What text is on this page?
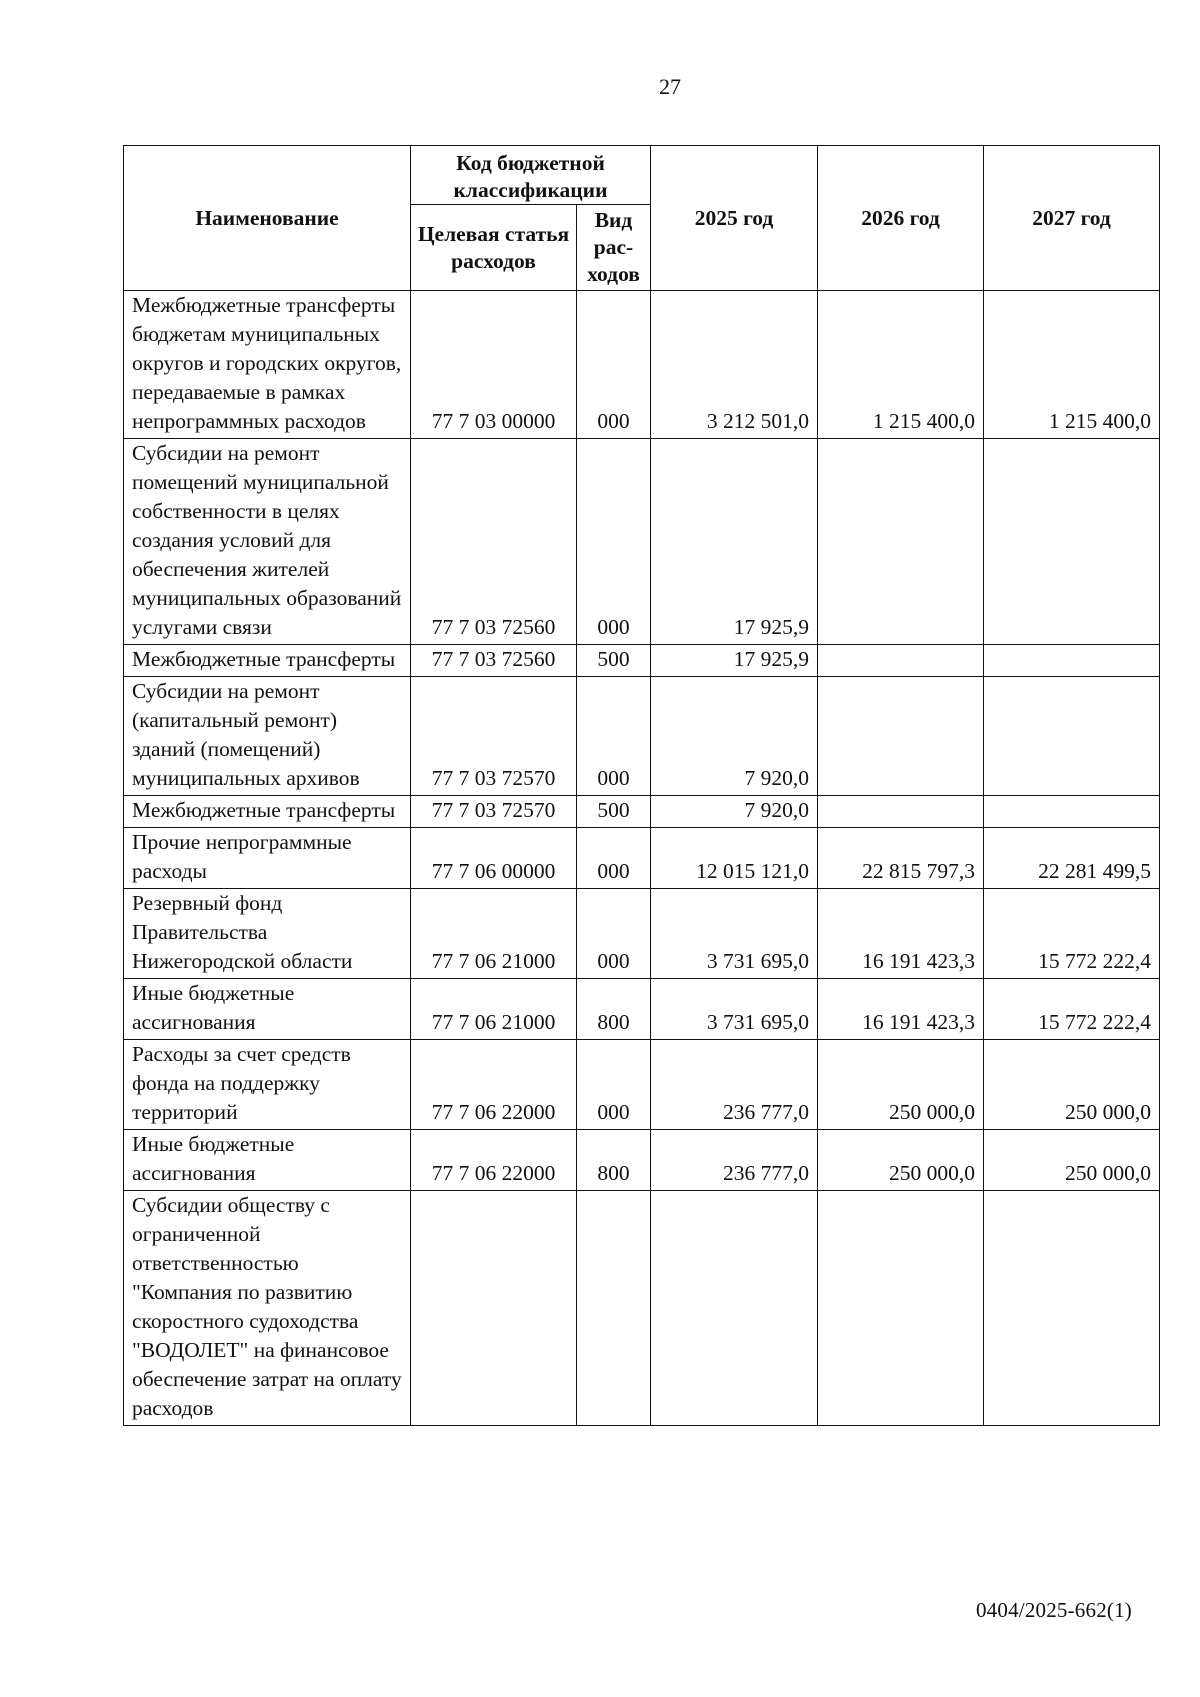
27
Наименование	Код бюджетной классификации		2025 год	2026 год	2027 год
	Целевая статья расходов	Вид рас-ходов			
Межбюджетные трансферты бюджетам муниципальных округов и городских округов, передаваемые в рамках непрограммных расходов	77 7 03 00000	000	3 212 501,0	1 215 400,0	1 215 400,0
Субсидии на ремонт помещений муниципальной собственности в целях создания условий для обеспечения жителей муниципальных образований услугами связи	77 7 03 72560	000	17 925,9		
Межбюджетные трансферты	77 7 03 72560	500	17 925,9		
Субсидии на ремонт (капитальный ремонт) зданий (помещений) муниципальных архивов	77 7 03 72570	000	7 920,0		
Межбюджетные трансферты	77 7 03 72570	500	7 920,0		
Прочие непрограммные расходы	77 7 06 00000	000	12 015 121,0	22 815 797,3	22 281 499,5
Резервный фонд Правительства Нижегородской области	77 7 06 21000	000	3 731 695,0	16 191 423,3	15 772 222,4
Иные бюджетные ассигнования	77 7 06 21000	800	3 731 695,0	16 191 423,3	15 772 222,4
Расходы за счет средств фонда на поддержку территорий	77 7 06 22000	000	236 777,0	250 000,0	250 000,0
Иные бюджетные ассигнования	77 7 06 22000	800	236 777,0	250 000,0	250 000,0
Субсидии обществу с ограниченной ответственностью "Компания по развитию скоростного судоходства "ВОДОЛЕТ" на финансовое обеспечение затрат на оплату расходов					
0404/2025-662(1)
